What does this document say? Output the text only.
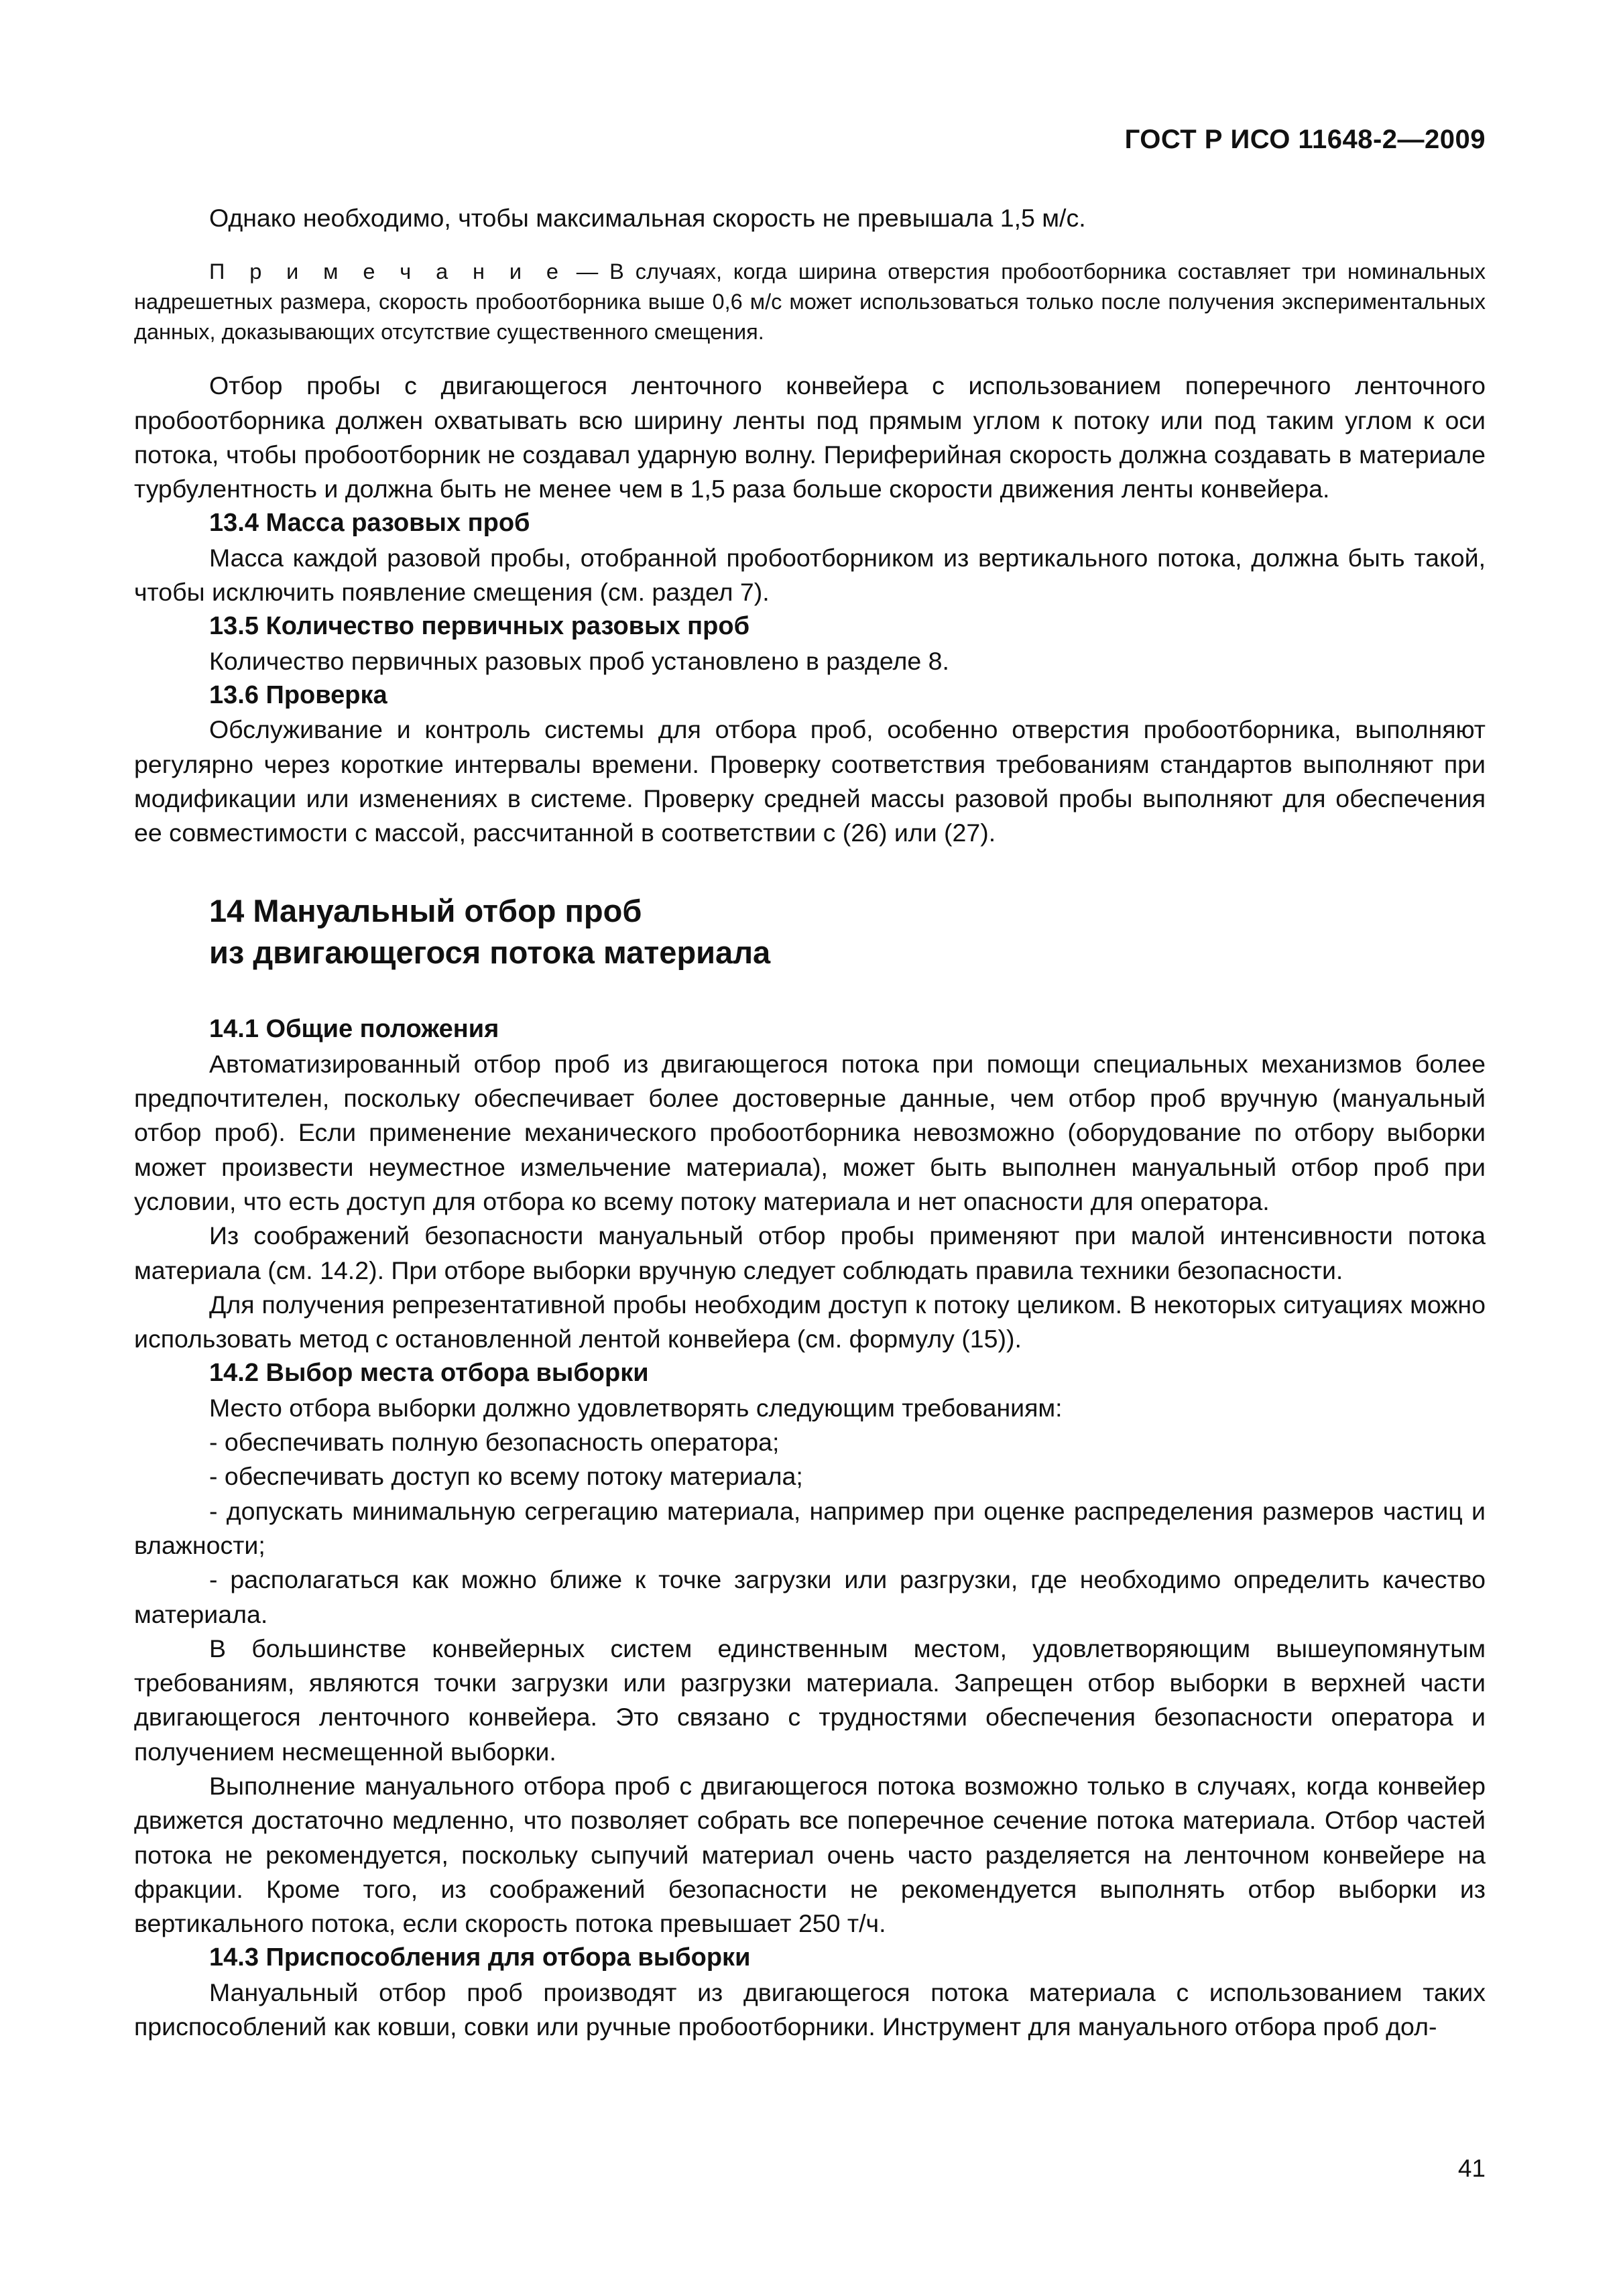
ГОСТ Р ИСО 11648-2—2009

Однако необходимо, чтобы максимальная скорость не превышала 1,5 м/с.

П р и м е ч а н и е — В случаях, когда ширина отверстия пробоотборника составляет три номинальных надрешетных размера, скорость пробоотборника выше 0,6 м/с может использоваться только после получения экспериментальных данных, доказывающих отсутствие существенного смещения.

Отбор пробы с двигающегося ленточного конвейера с использованием поперечного ленточного пробоотборника должен охватывать всю ширину ленты под прямым углом к потоку или под таким углом к оси потока, чтобы пробоотборник не создавал ударную волну. Периферийная скорость должна создавать в материале турбулентность и должна быть не менее чем в 1,5 раза больше скорости движения ленты конвейера.

13.4 Масса разовых проб

Масса каждой разовой пробы, отобранной пробоотборником из вертикального потока, должна быть такой, чтобы исключить появление смещения (см. раздел 7).

13.5 Количество первичных разовых проб

Количество первичных разовых проб установлено в разделе 8.

13.6 Проверка

Обслуживание и контроль системы для отбора проб, особенно отверстия пробоотборника, выполняют регулярно через короткие интервалы времени. Проверку соответствия требованиям стандартов выполняют при модификации или изменениях в системе. Проверку средней массы разовой пробы выполняют для обеспечения ее совместимости с массой, рассчитанной в соответствии с (26) или (27).

14 Мануальный отбор проб
из двигающегося потока материала
14.1 Общие положения

Автоматизированный отбор проб из двигающегося потока при помощи специальных механизмов более предпочтителен, поскольку обеспечивает более достоверные данные, чем отбор проб вручную (мануальный отбор проб). Если применение механического пробоотборника невозможно (оборудование по отбору выборки может произвести неуместное измельчение материала), может быть выполнен мануальный отбор проб при условии, что есть доступ для отбора ко всему потоку материала и нет опасности для оператора.

Из соображений безопасности мануальный отбор пробы применяют при малой интенсивности потока материала (см. 14.2). При отборе выборки вручную следует соблюдать правила техники безопасности.

Для получения репрезентативной пробы необходим доступ к потоку целиком. В некоторых ситуациях можно использовать метод с остановленной лентой конвейера (см. формулу (15)).

14.2 Выбор места отбора выборки

Место отбора выборки должно удовлетворять следующим требованиям:

- обеспечивать полную безопасность оператора;

- обеспечивать доступ ко всему потоку материала;

- допускать минимальную сегрегацию материала, например при оценке распределения размеров частиц и влажности;

- располагаться как можно ближе к точке загрузки или разгрузки, где необходимо определить качество материала.

В большинстве конвейерных систем единственным местом, удовлетворяющим вышеупомянутым требованиям, являются точки загрузки или разгрузки материала. Запрещен отбор выборки в верхней части двигающегося ленточного конвейера. Это связано с трудностями обеспечения безопасности оператора и получением несмещенной выборки.

Выполнение мануального отбора проб с двигающегося потока возможно только в случаях, когда конвейер движется достаточно медленно, что позволяет собрать все поперечное сечение потока материала. Отбор частей потока не рекомендуется, поскольку сыпучий материал очень часто разделяется на ленточном конвейере на фракции. Кроме того, из соображений безопасности не рекомендуется выполнять отбор выборки из вертикального потока, если скорость потока превышает 250 т/ч.

14.3 Приспособления для отбора выборки

Мануальный отбор проб производят из двигающегося потока материала с использованием таких приспособлений как ковши, совки или ручные пробоотборники. Инструмент для мануального отбора проб дол-

41
